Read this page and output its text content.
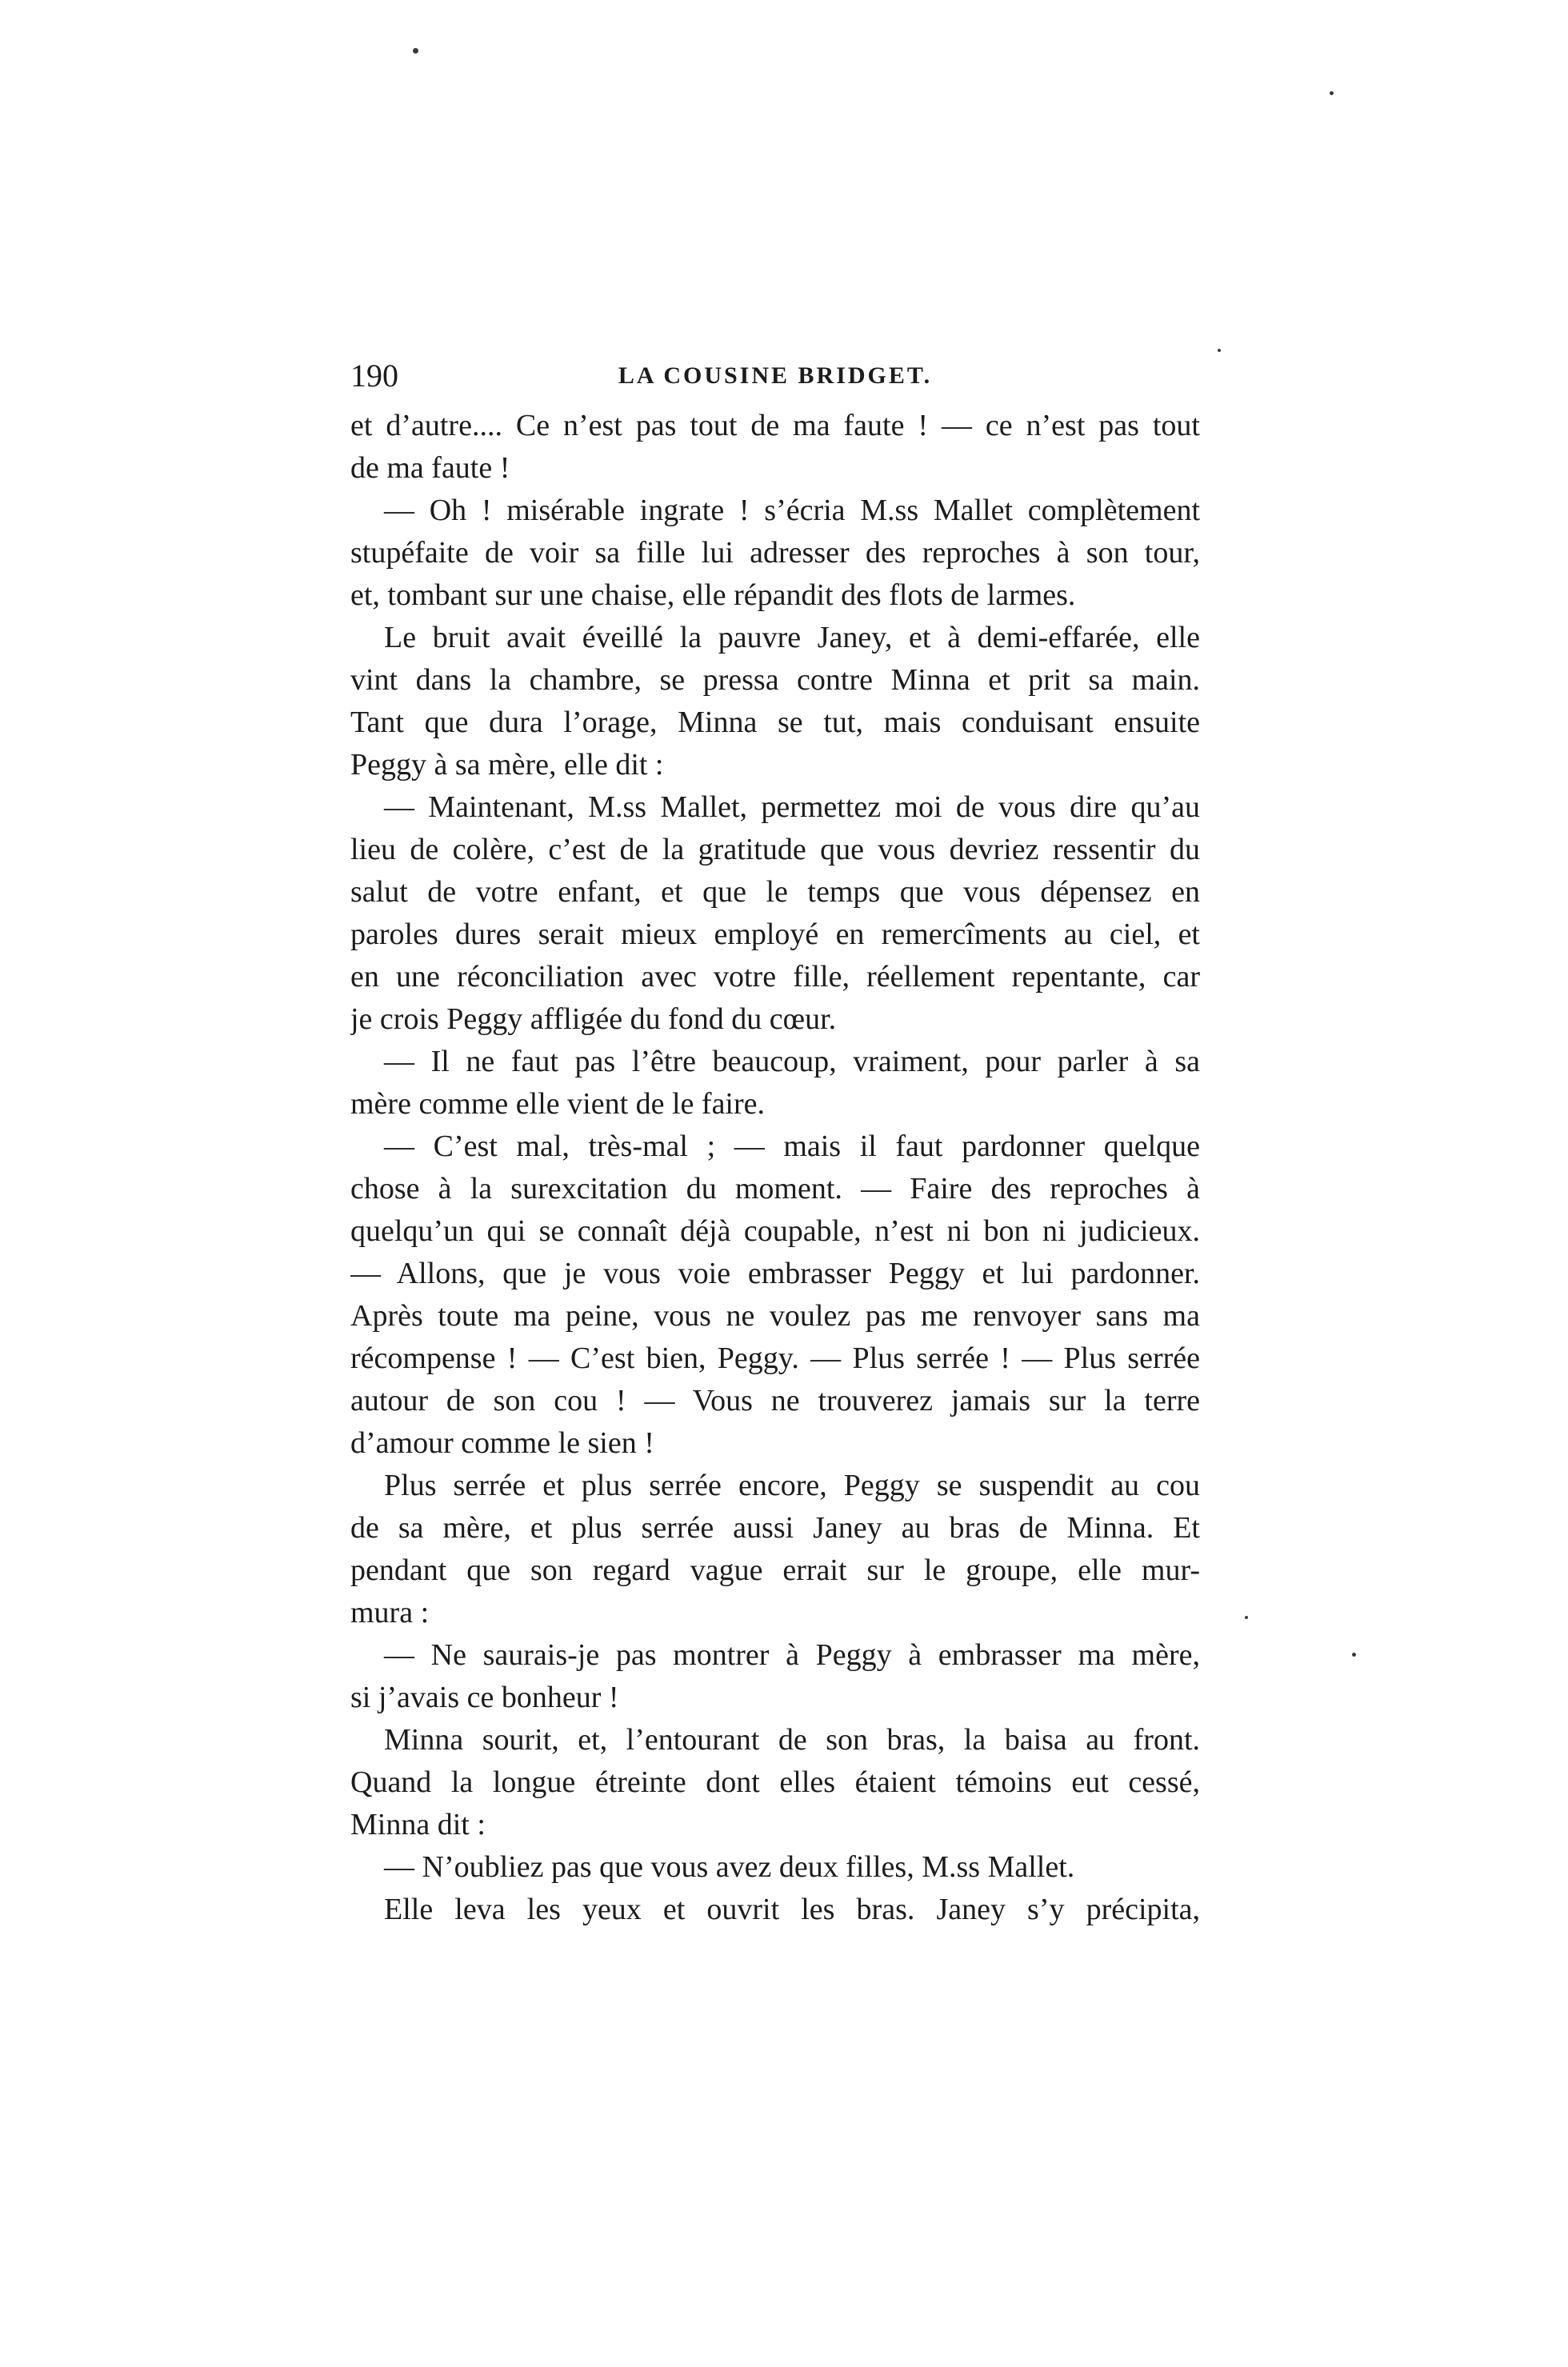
190	LA COUSINE BRIDGET.
et d’autre.... Ce n’est pas tout de ma faute ! — ce n’est pas tout
de ma faute !
— Oh ! misérable ingrate ! s’écria M.ss Mallet complètement
stupéfaite de voir sa fille lui adresser des reproches à son tour,
et, tombant sur une chaise, elle répandit des flots de larmes.
Le bruit avait éveillé la pauvre Janey, et à demi-effarée, elle
vint dans la chambre, se pressa contre Minna et prit sa main.
Tant que dura l’orage, Minna se tut, mais conduisant ensuite
Peggy à sa mère, elle dit :
— Maintenant, M.ss Mallet, permettez moi de vous dire qu’au
lieu de colère, c’est de la gratitude que vous devriez ressentir du
salut de votre enfant, et que le temps que vous dépensez en
paroles dures serait mieux employé en remercîments au ciel, et
en une réconciliation avec votre fille, réellement repentante, car
je crois Peggy affligée du fond du cœur.
— Il ne faut pas l’être beaucoup, vraiment, pour parler à sa
mère comme elle vient de le faire.
— C’est mal, très-mal ; — mais il faut pardonner quelque
chose à la surexcitation du moment. — Faire des reproches à
quelqu’un qui se connaît déjà coupable, n’est ni bon ni judicieux.
— Allons, que je vous voie embrasser Peggy et lui pardonner.
Après toute ma peine, vous ne voulez pas me renvoyer sans ma
récompense ! — C’est bien, Peggy. — Plus serrée ! — Plus serrée
autour de son cou ! — Vous ne trouverez jamais sur la terre
d’amour comme le sien !
Plus serrée et plus serrée encore, Peggy se suspendit au cou
de sa mère, et plus serrée aussi Janey au bras de Minna. Et
pendant que son regard vague errait sur le groupe, elle mur-
mura :
— Ne saurais-je pas montrer à Peggy à embrasser ma mère,
si j’avais ce bonheur !
Minna sourit, et, l’entourant de son bras, la baisa au front.
Quand la longue étreinte dont elles étaient témoins eut cessé,
Minna dit :
— N’oubliez pas que vous avez deux filles, M.ss Mallet.
Elle leva les yeux et ouvrit les bras. Janey s’y précipita,
